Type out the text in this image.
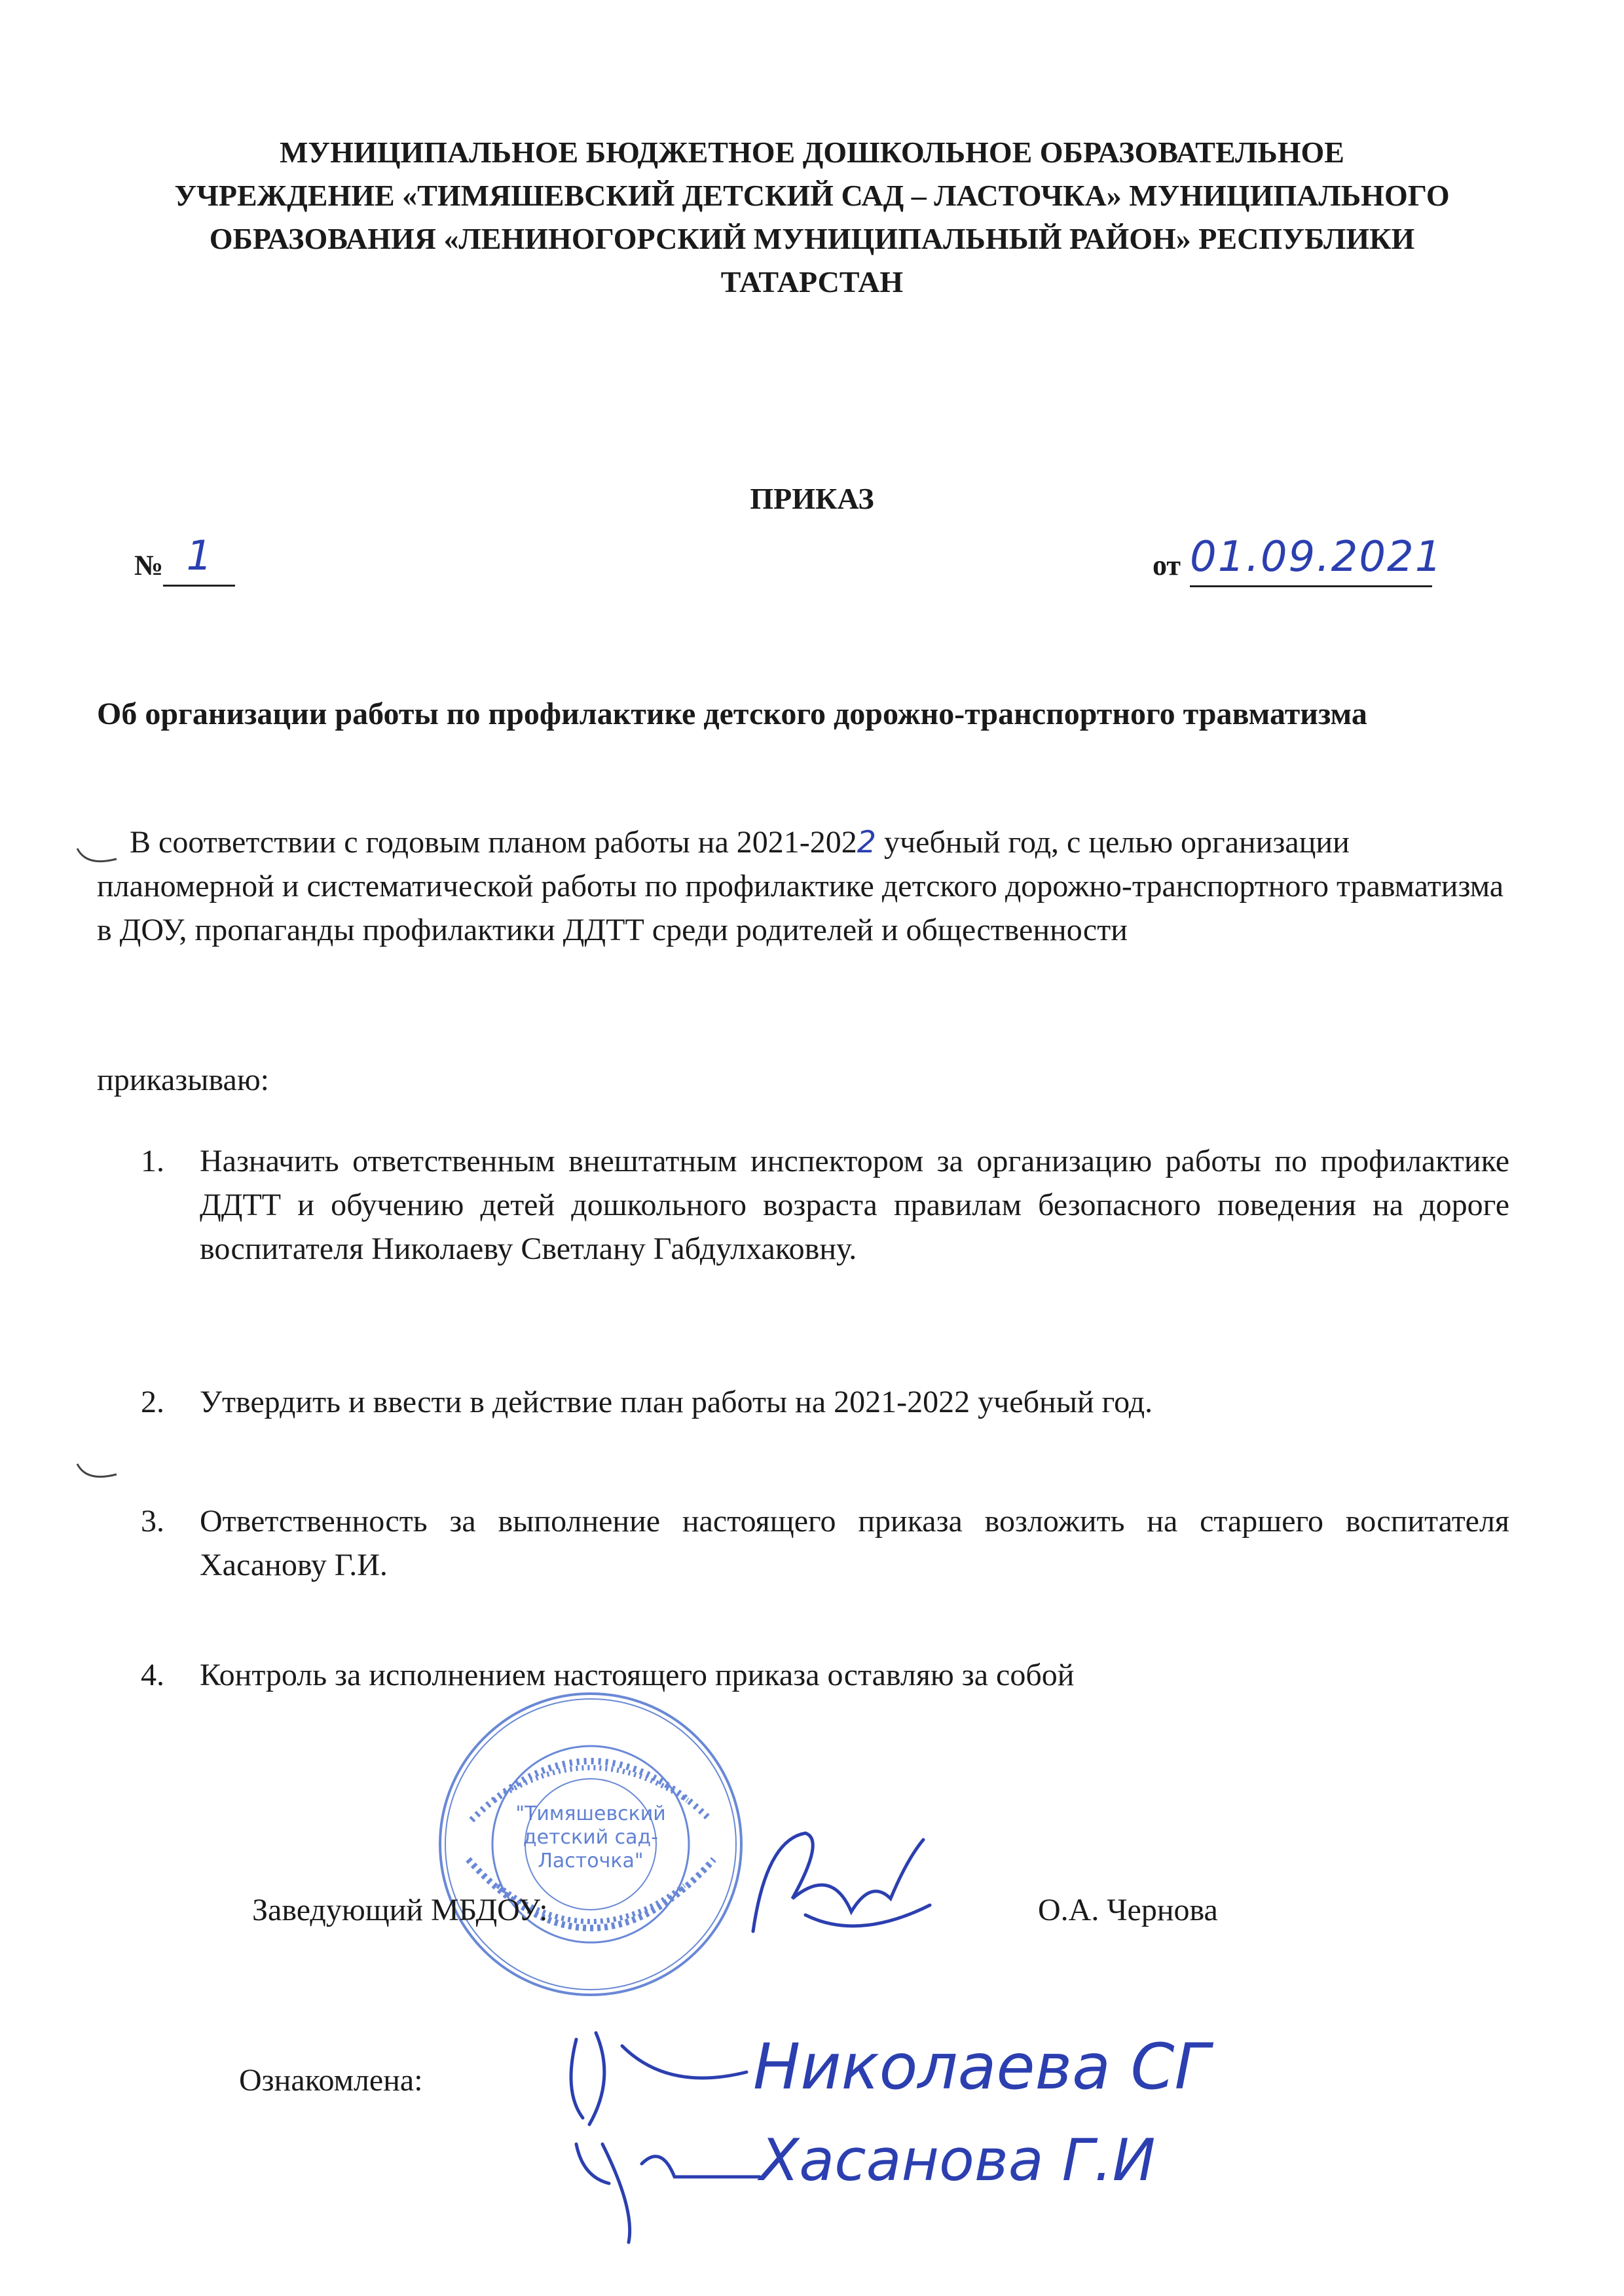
МУНИЦИПАЛЬНОЕ БЮДЖЕТНОЕ ДОШКОЛЬНОЕ ОБРАЗОВАТЕЛЬНОЕ
УЧРЕЖДЕНИЕ «ТИМЯШЕВСКИЙ ДЕТСКИЙ САД – ЛАСТОЧКА» МУНИЦИПАЛЬНОГО
ОБРАЗОВАНИЯ «ЛЕНИНОГОРСКИЙ МУНИЦИПАЛЬНЫЙ РАЙОН» РЕСПУБЛИКИ
ТАТАРСТАН
ПРИКАЗ
№ 1	от 01.09.2021
Об организации работы по профилактике детского дорожно-транспортного травматизма
В соответствии с годовым планом работы на 2021-2022 учебный год, с целью организации планомерной и систематической работы по профилактике детского дорожно-транспортного травматизма в ДОУ, пропаганды профилактики ДДТТ среди родителей и общественности
приказываю:
1. Назначить ответственным внештатным инспектором за организацию работы по профилактике ДДТТ и обучению детей дошкольного возраста правилам безопасного поведения на дороге воспитателя Николаеву Светлану Габдулхаковну.
2. Утвердить и ввести в действие план работы на 2021-2022 учебный год.
3. Ответственность за выполнение настоящего приказа возложить на старшего воспитателя Хасанову Г.И.
4. Контроль за исполнением настоящего приказа оставляю за собой
"Тимяшевский
детский сад-
Ласточка"
Заведующий МБДОУ:	О.А. Чернова
Ознакомлена:	Николаева СГ
Хасанова Г.И
